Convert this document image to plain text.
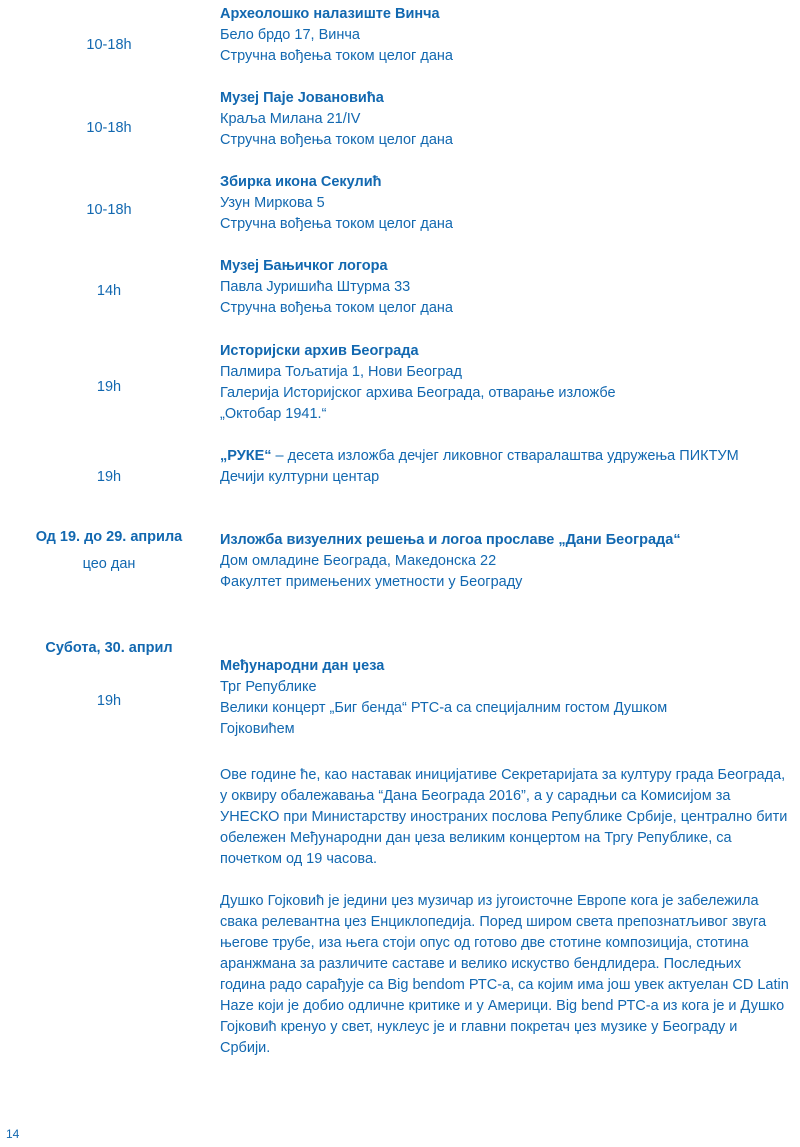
10-18h
Археолошко налазиште Винча
Бело брдо 17, Винча
Стручна вођења током целог дана
10-18h
Музеј Паје Јовановића
Краља Милана 21/IV
Стручна вођења током целог дана
10-18h
Збирка икона Секулић
Узун Миркова 5
Стручна вођења током целог дана
14h
Музеј Бањичког логора
Павла Јуришића Штурма 33
Стручна вођења током целог дана
19h
Историјски архив Београда
Палмира Тољатија 1, Нови Београд
Галерија Историјског архива Београда, отварање изложбе
„Октобар 1941.“
19h
„РУКЕ“ – десета изложба дечјег ликовног стваралаштва удружења ПИКТУМ
Дечији културни центар
Од 19. до 29. априла
цео дан
Изложба визуелних решења и логоа прославе „Дани Београда“
Дом омладине Београда, Македонска 22
Факултет примењених уметности у Београду
Субота, 30. април
19h
Међународни дан џеза
Трг Републике
Велики концерт „Биг бенда“ РТС-а са специјалним гостом Душком
Гојковићем
Ове године ће, као наставак иницијативе Секретаријата за културу града Београда, у оквиру обалежавања “Дана Београда 2016”, а у сарадњи са Комисијом за УНЕСКО при Министарству иностраних послова Републике Србије, централно бити обележен Међународни дан џеза великим концертом на Тргу Републике, са почетком од 19 часова.
Душко Гојковић је једини џез музичар из југоисточне Европе кога је забележила свака релевантна џез Енциклопедија. Поред широм света препознатљивог звуга његове трубе, иза њега стоји опус од готово две стотине композиција, стотина аранжмана за различите саставе и велико искуство бендлидера. Последњих година радо сарађује са Big bendom РТС-а, са којим има још увек актуелан CD Latin Haze који је добио одличне критике и у Америци. Big bend РТС-а из кога је и Душко Гојковић кренуо у свет, нуклеус је и главни покретач џез музике у Београду и Србији.
14
